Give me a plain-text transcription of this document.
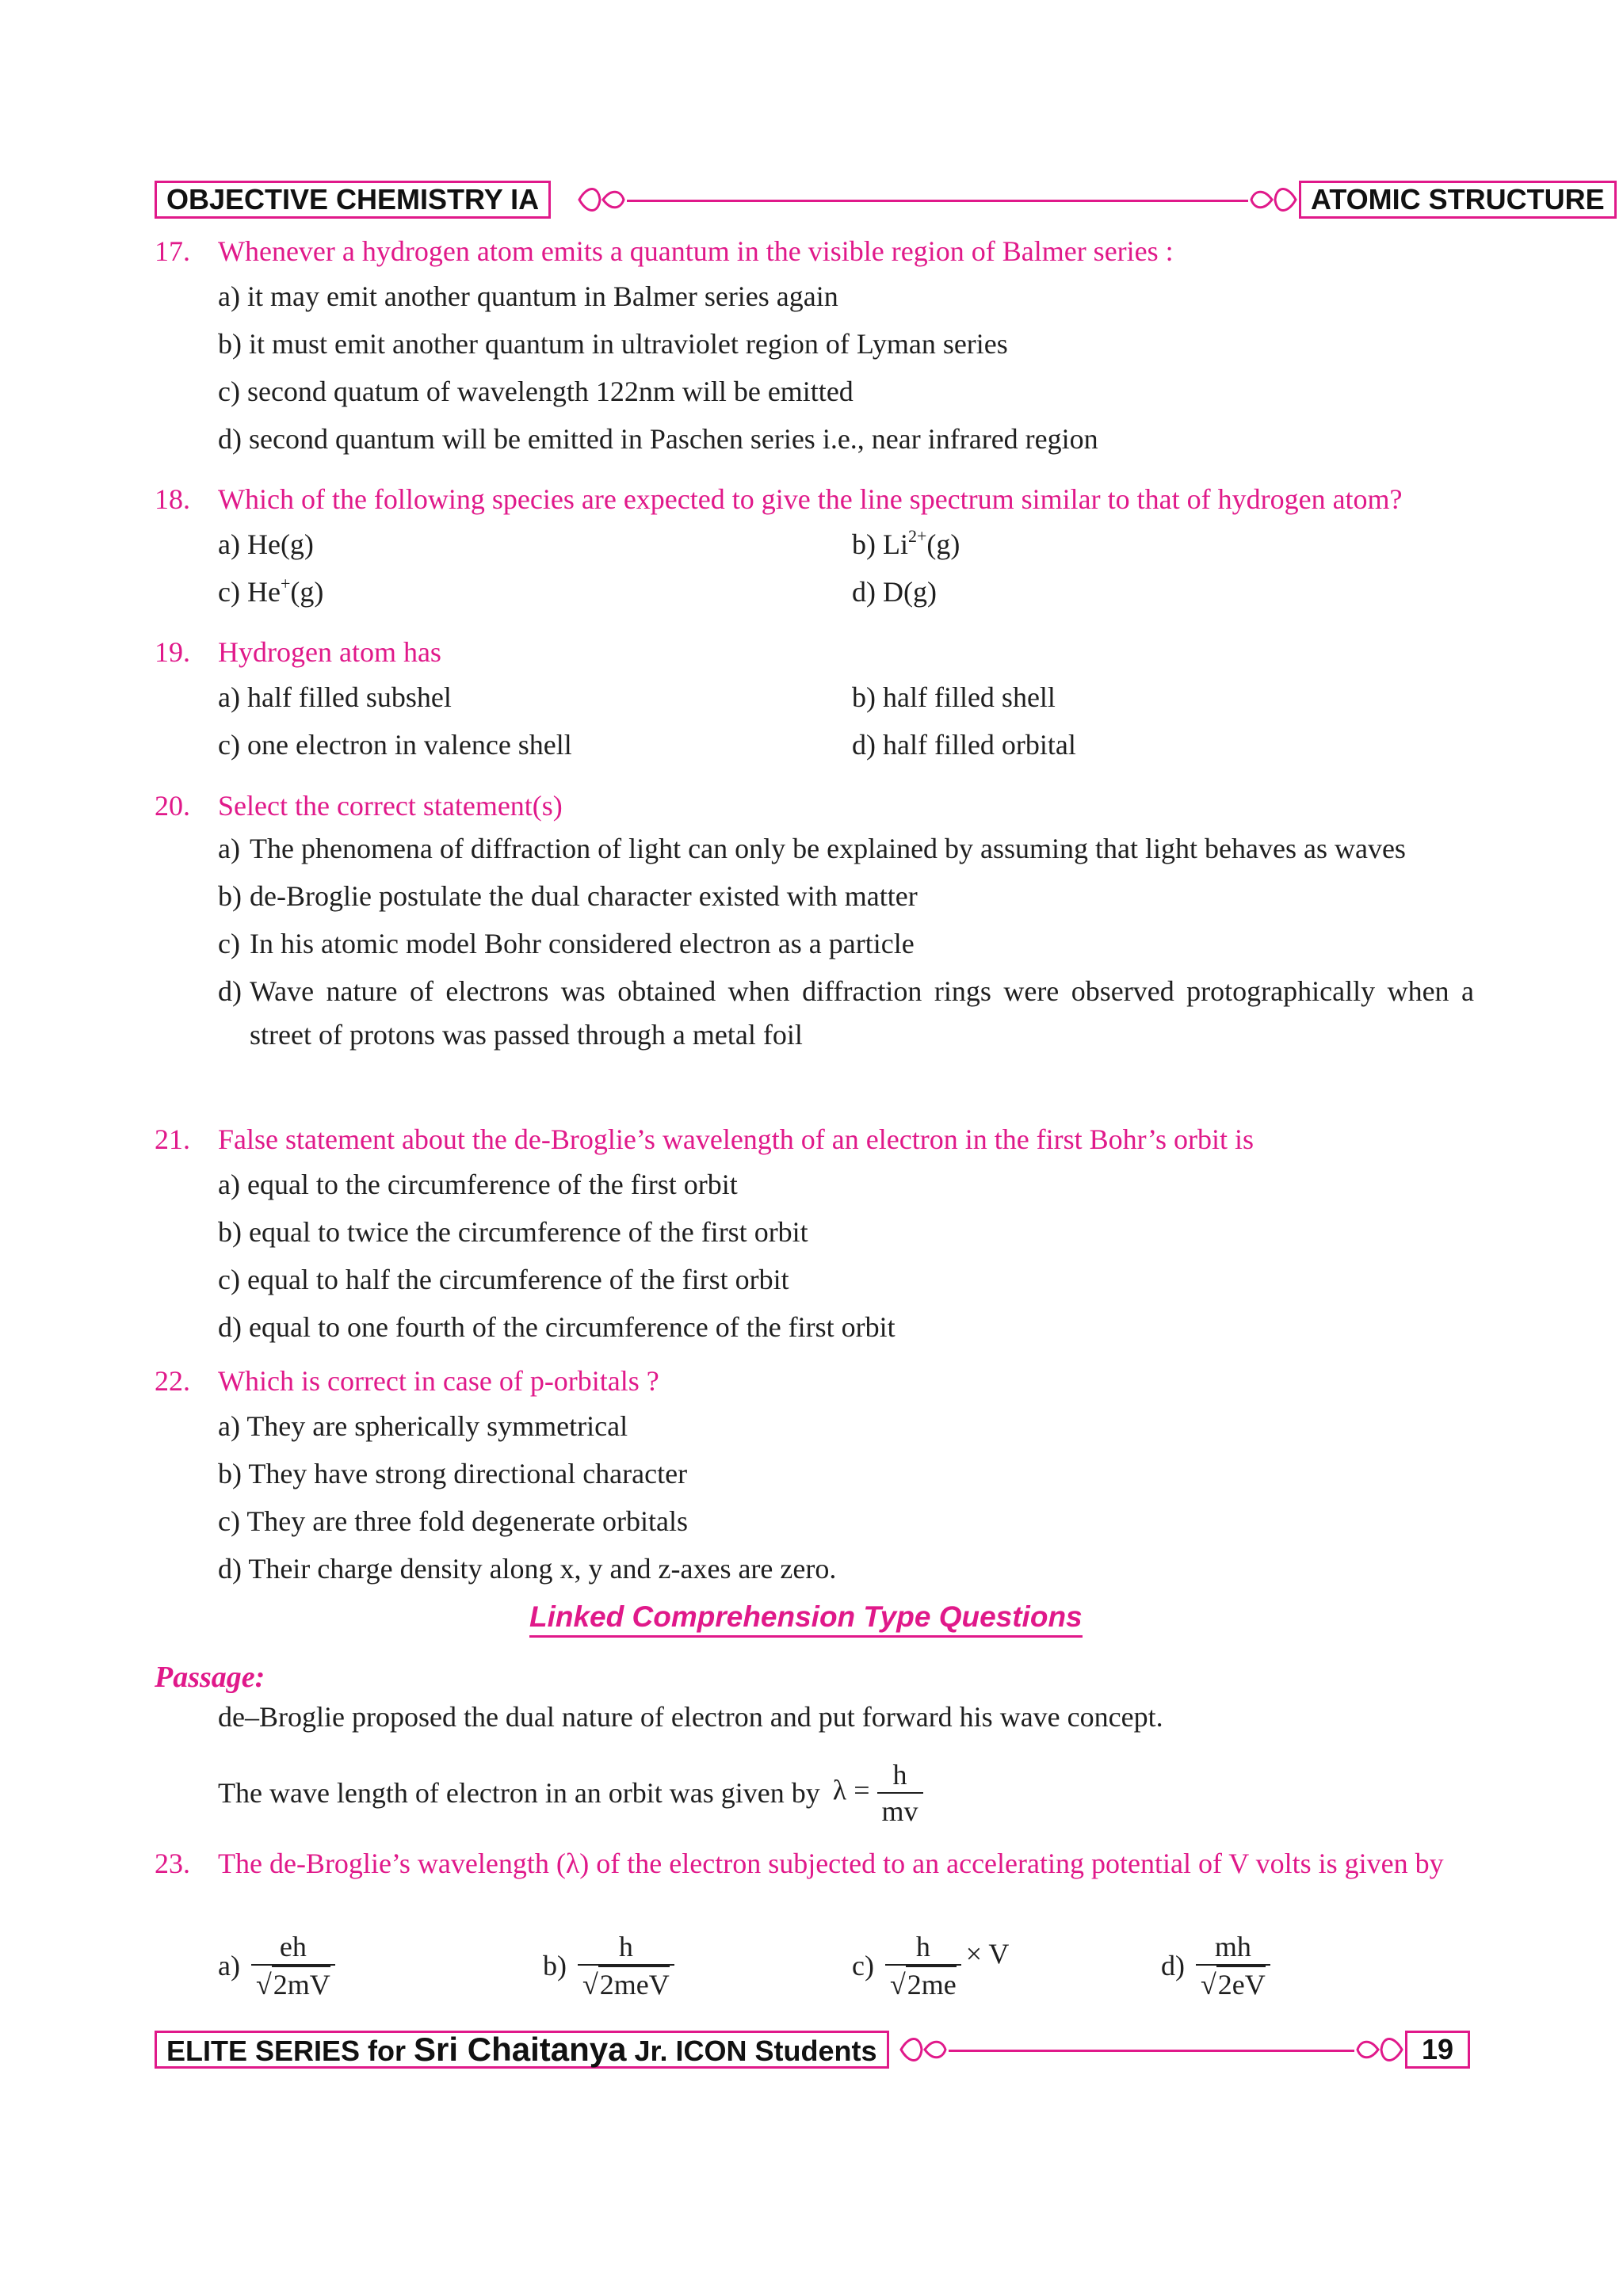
OBJECTIVE CHEMISTRY IA	ATOMIC STRUCTURE
17. Whenever a hydrogen atom emits a quantum in the visible region of Balmer series :
a) it may emit another quantum in Balmer series again
b) it must emit another quantum in ultraviolet region of Lyman series
c) second quatum of wavelength 122nm will be emitted
d) second quantum will be emitted in Paschen series i.e., near infrared region
18. Which of the following species are expected to give the line spectrum similar to that of hydrogen atom?
a) He(g)	b) $Li^{2+}(g)$
c) He+(g)	d) D(g)
19. Hydrogen atom has
a) half filled subshel	b) half filled shell
c) one electron in valence shell	d) half filled orbital
20. Select the correct statement(s)
a) The phenomena of diffraction of light can only be explained by assuming that light behaves as waves
b) de-Broglie postulate the dual character existed with matter
c) In his atomic model Bohr considered electron as a particle
d) Wave nature of electrons was obtained when diffraction rings were observed protographically when a street of protons was passed through a metal foil
21. False statement about the de-Broglie’s wavelength of an electron in the first Bohr’s orbit is
a) equal to the circumference of the first orbit
b) equal to twice the circumference of the first orbit
c) equal to half the circumference of the first orbit
d) equal to one fourth of the circumference of the first orbit
22. Which is correct in case of p-orbitals ?
a) They are spherically symmetrical
b) They have strong directional character
c) They are three fold degenerate orbitals
d) Their charge density along x, y and z-axes are zero.
Linked Comprehension Type Questions
Passage:
de–Broglie proposed the dual nature of electron and put forward his wave concept.
The wave length of electron in an orbit was given by $\lambda = \frac{h}{mv}$
23. The de-Broglie’s wavelength (λ) of the electron subjected to an accelerating potential of V volts is given by
$a) \frac{eh}{√2mV}$	$b) \frac{h}{\text{√2meV}}$	$c) \frac{h}{√2me} \times V$	$d) \frac{mh}{√2eV}$
ELITE SERIES for Sri Chaitanya Jr. ICON Students	19
